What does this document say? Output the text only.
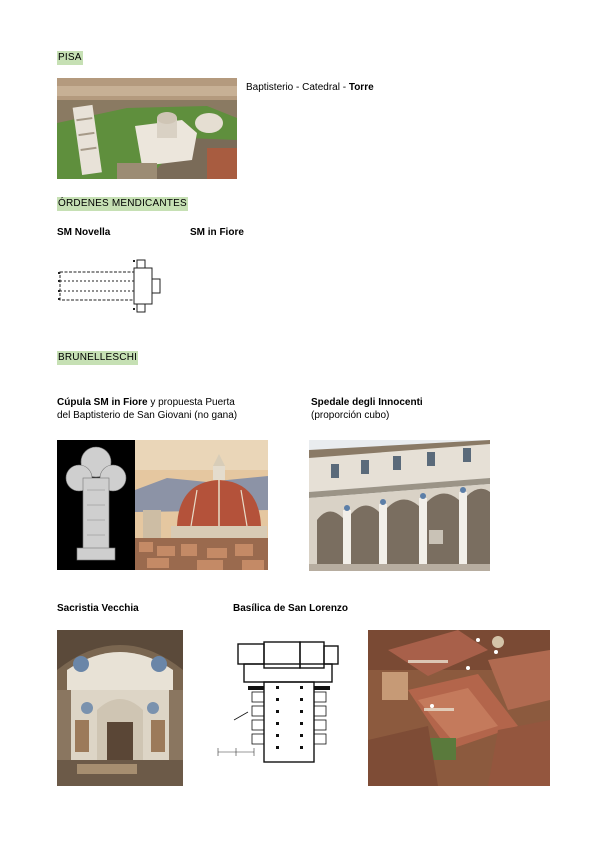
PISA
Baptisterio - Catedral - Torre
ÓRDENES MENDICANTES
SM Novella	SM in Fiore
BRUNELLESCHI
Cúpula SM in Fiore y propuesta Puerta
del Baptisterio de San Giovani (no gana)
Spedale degli Innocenti
(proporción cubo)
Sacristia Vecchia	Basílica de San Lorenzo
